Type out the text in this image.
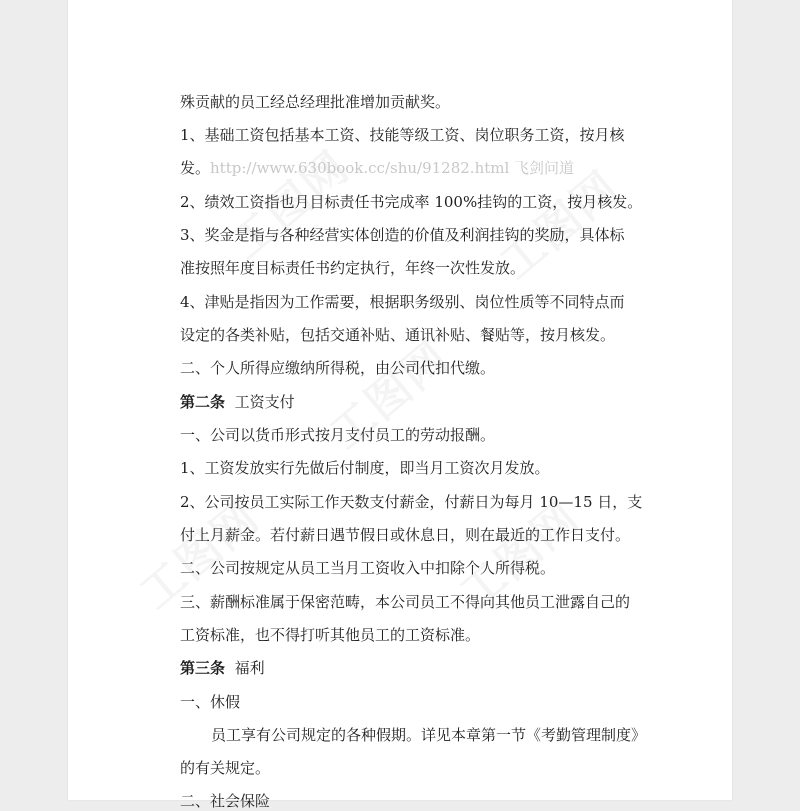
殊贡献的员工经总经理批准增加贡献奖。
1、基础工资包括基本工资、技能等级工资、岗位职务工资，按月核
发。http://www.630book.cc/shu/91282.html 飞剑问道
2、绩效工资指也月目标责任书完成率 100%挂钩的工资，按月核发。
3、奖金是指与各种经营实体创造的价值及利润挂钩的奖励，具体标
准按照年度目标责任书约定执行，年终一次性发放。
4、津贴是指因为工作需要，根据职务级别、岗位性质等不同特点而
设定的各类补贴，包括交通补贴、通讯补贴、餐贴等，按月核发。
二、个人所得应缴纳所得税，由公司代扣代缴。
第二条 工资支付
一、公司以货币形式按月支付员工的劳动报酬。
1、工资发放实行先做后付制度，即当月工资次月发放。
2、公司按员工实际工作天数支付薪金，付薪日为每月 10—15 日，支
付上月薪金。若付薪日遇节假日或休息日，则在最近的工作日支付。
二、公司按规定从员工当月工资收入中扣除个人所得税。
三、薪酬标准属于保密范畴，本公司员工不得向其他员工泄露自己的
工资标准，也不得打听其他员工的工资标准。
第三条 福利
一、休假
员工享有公司规定的各种假期。详见本章第一节《考勤管理制度》
的有关规定。
二、社会保险
